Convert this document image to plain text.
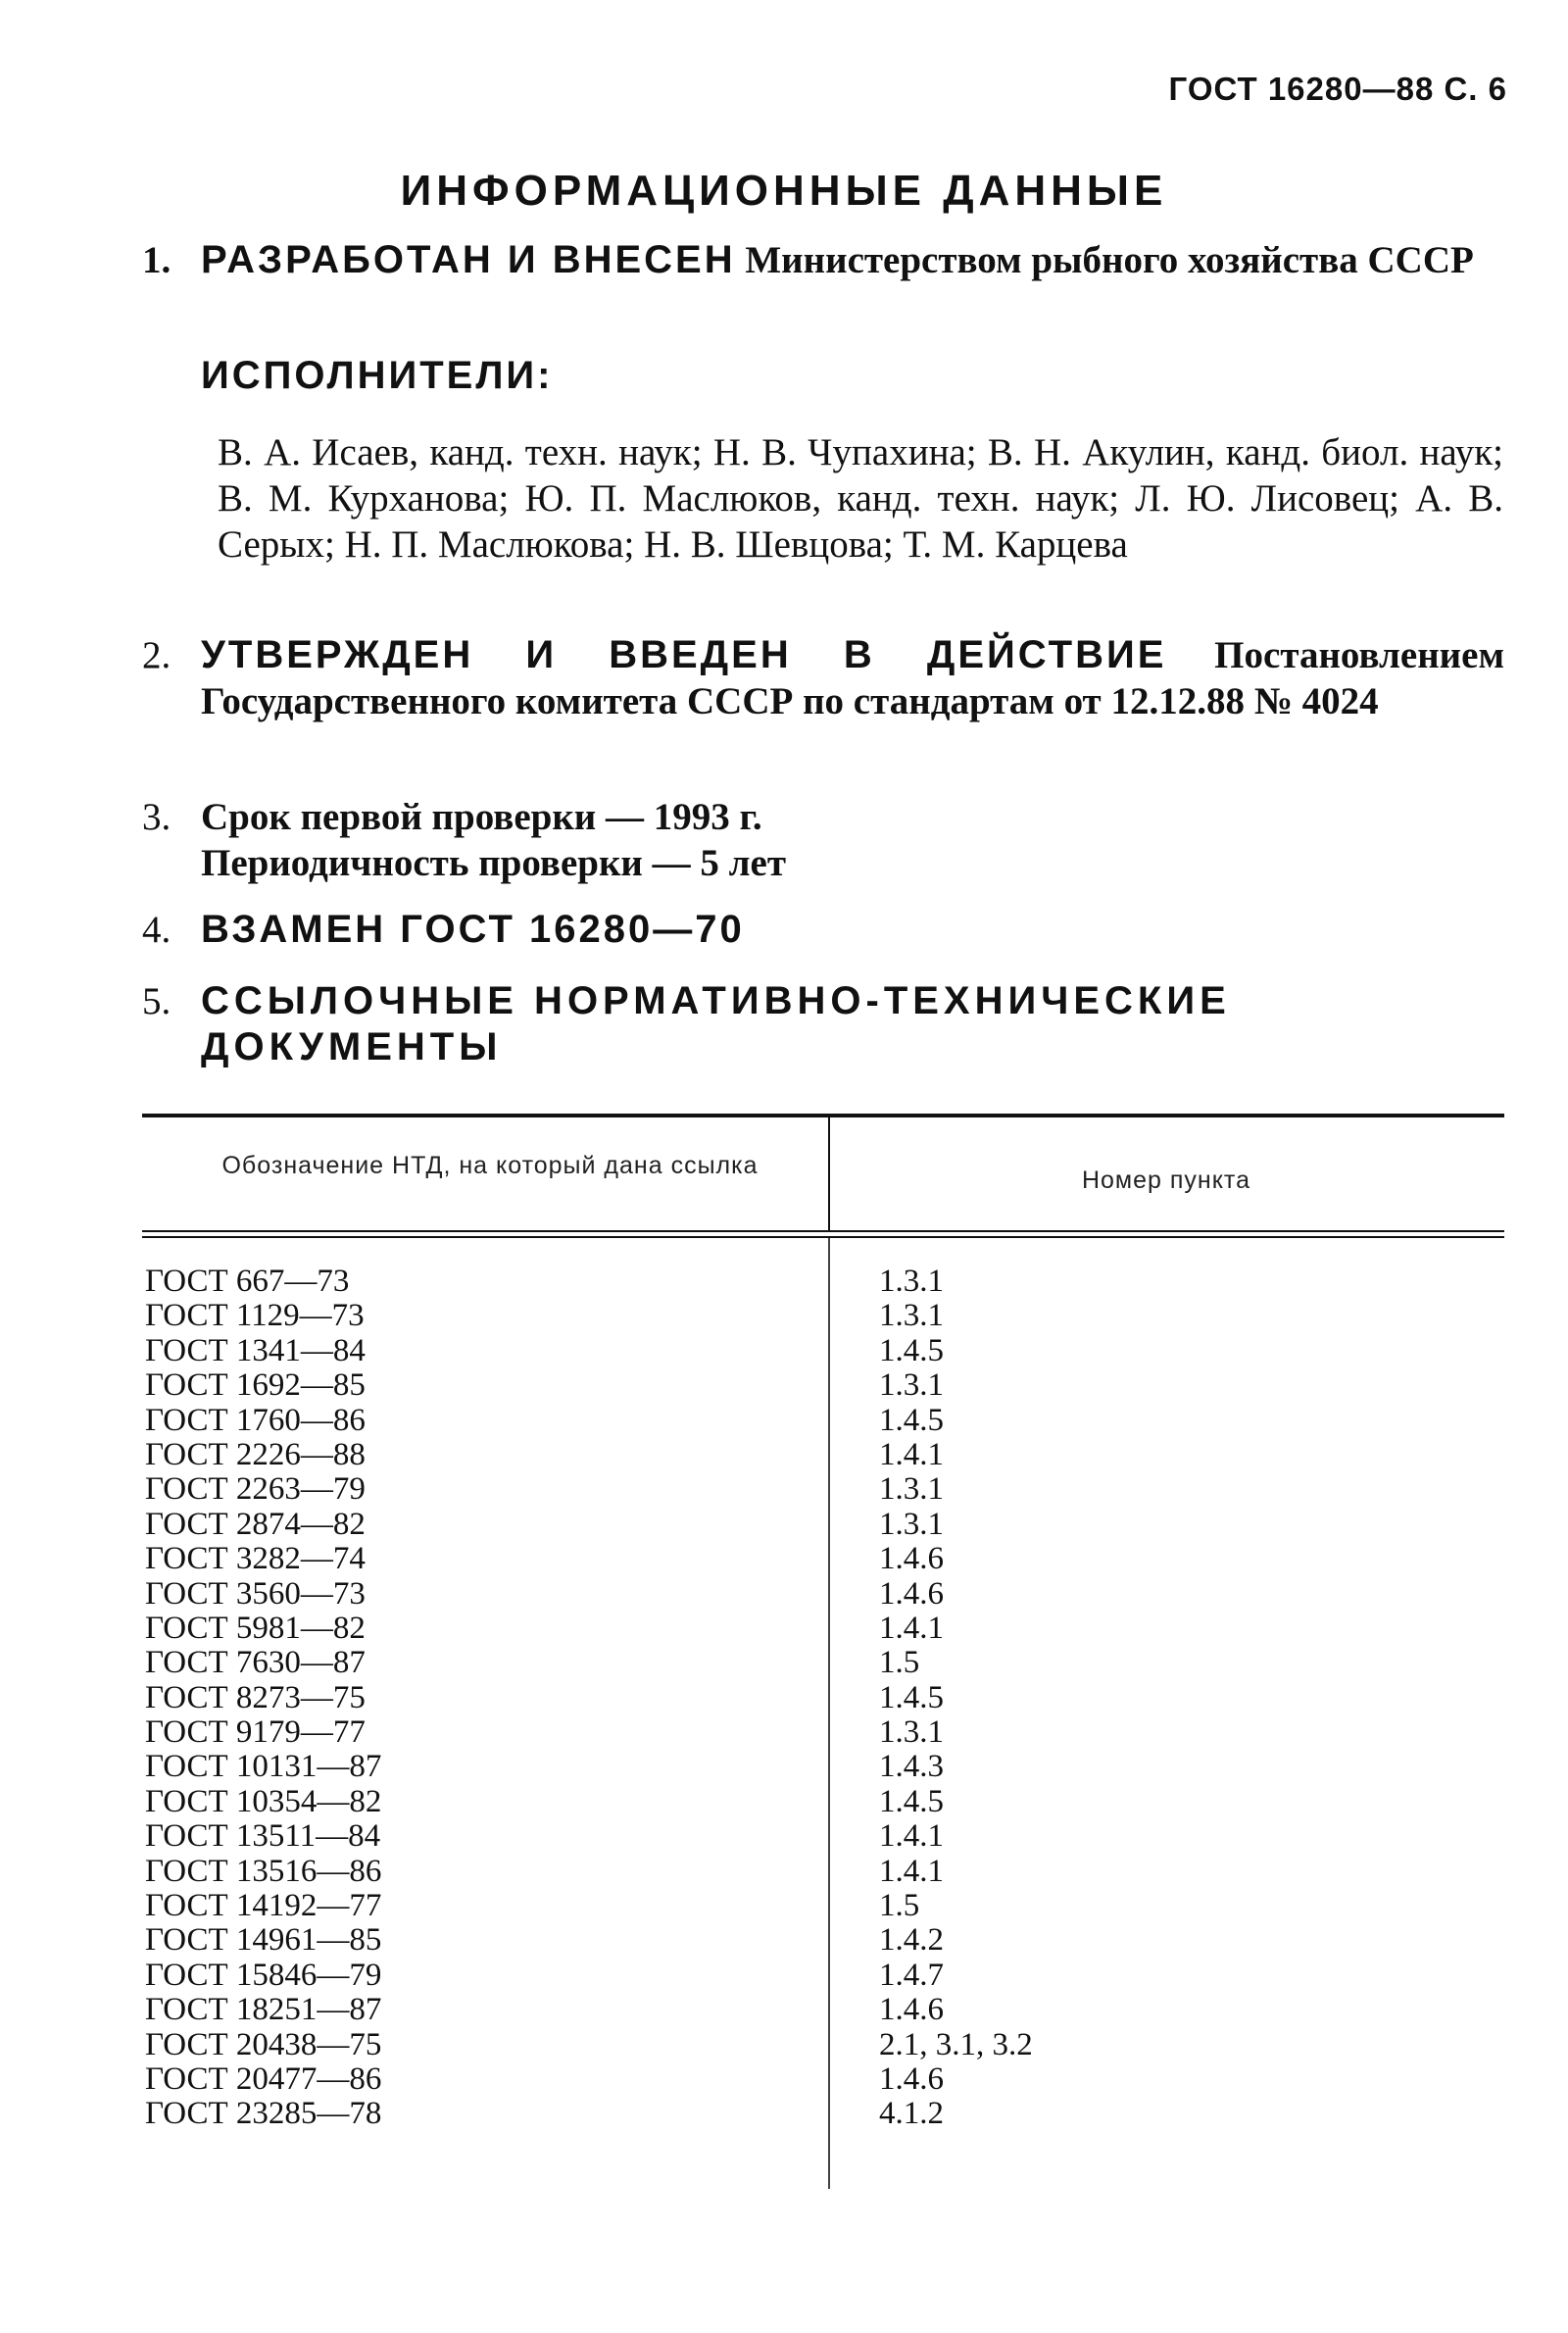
ГОСТ 16280—88 С. 6
ИНФОРМАЦИОННЫЕ ДАННЫЕ
1. РАЗРАБОТАН И ВНЕСЕН Министерством рыбного хозяйства СССР
ИСПОЛНИТЕЛИ:
В. А. Исаев, канд. техн. наук; Н. В. Чупахина; В. Н. Акулин, канд. биол. наук; В. М. Курханова; Ю. П. Маслюков, канд. техн. наук; Л. Ю. Лисовец; А. В. Серых; Н. П. Маслюкова; Н. В. Шевцова; Т. М. Карцева
2. УТВЕРЖДЕН И ВВЕДЕН В ДЕЙСТВИЕ Постановлением Государственного комитета СССР по стандартам от 12.12.88 № 4024
3. Срок первой проверки — 1993 г.
Периодичность проверки — 5 лет
4. ВЗАМЕН ГОСТ 16280—70
5. ССЫЛОЧНЫЕ НОРМАТИВНО-ТЕХНИЧЕСКИЕ ДОКУМЕНТЫ
Обозначение НТД, на который дана ссылка
Номер пункта
ГОСТ 667—73
ГОСТ 1129—73
ГОСТ 1341—84
ГОСТ 1692—85
ГОСТ 1760—86
ГОСТ 2226—88
ГОСТ 2263—79
ГОСТ 2874—82
ГОСТ 3282—74
ГОСТ 3560—73
ГОСТ 5981—82
ГОСТ 7630—87
ГОСТ 8273—75
ГОСТ 9179—77
ГОСТ 10131—87
ГОСТ 10354—82
ГОСТ 13511—84
ГОСТ 13516—86
ГОСТ 14192—77
ГОСТ 14961—85
ГОСТ 15846—79
ГОСТ 18251—87
ГОСТ 20438—75
ГОСТ 20477—86
ГОСТ 23285—78
1.3.1
1.3.1
1.4.5
1.3.1
1.4.5
1.4.1
1.3.1
1.3.1
1.4.6
1.4.6
1.4.1
1.5
1.4.5
1.3.1
1.4.3
1.4.5
1.4.1
1.4.1
1.5
1.4.2
1.4.7
1.4.6
2.1, 3.1, 3.2
1.4.6
4.1.2
